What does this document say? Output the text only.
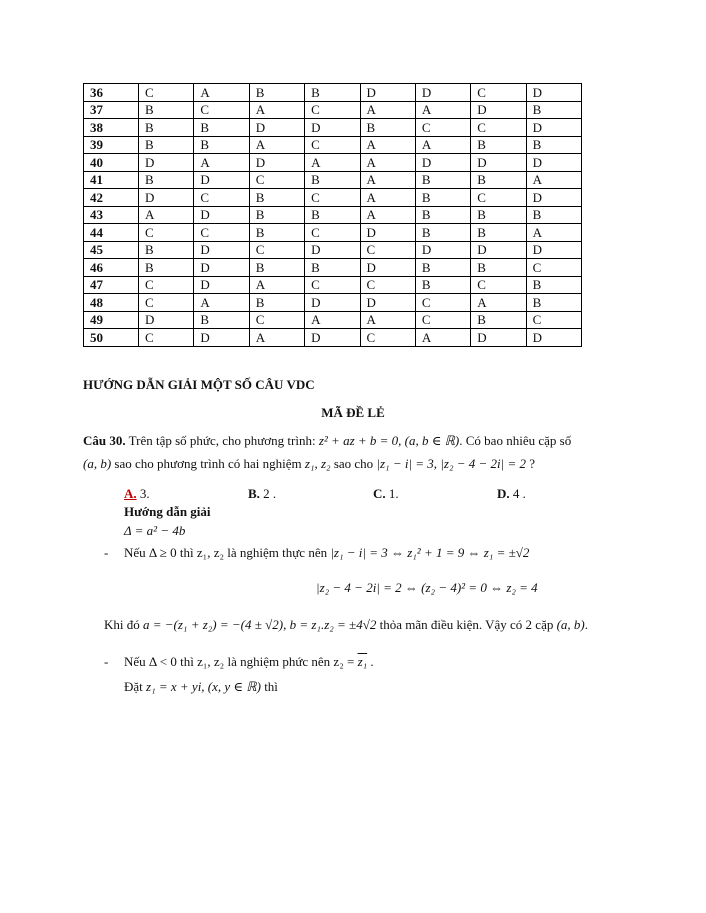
36	C	A	B	B	D	D	C	D
37	B	C	A	C	A	A	D	B
38	B	B	D	D	B	C	C	D
39	B	B	A	C	A	A	B	B
40	D	A	D	A	A	D	D	D
41	B	D	C	B	A	B	B	A
42	D	C	B	C	A	B	C	D
43	A	D	B	B	A	B	B	B
44	C	C	B	C	D	B	B	A
45	B	D	C	D	C	D	D	D
46	B	D	B	B	D	B	B	C
47	C	D	A	C	C	B	C	B
48	C	A	B	D	D	C	A	B
49	D	B	C	A	A	C	B	C
50	C	D	A	D	C	A	D	D
HƯỚNG DẪN GIẢI MỘT SỐ CÂU VDC
MÃ ĐỀ LẺ
Câu 30. Trên tập số phức, cho phương trình: z² + az + b = 0, (a, b ∈ ℝ). Có bao nhiêu cặp số
(a, b) sao cho phương trình có hai nghiệm z₁, z₂ sao cho |z₁ − i| = 3, |z₂ − 4 − 2i| = 2 ?
A. 3.	B. 2 .	C. 1.	D. 4 .
Hướng dẫn giải
Δ = a² − 4b
- Nếu Δ ≥ 0 thì z₁, z₂ là nghiệm thực nên |z₁ − i| = 3 ⇔ z₁² + 1 = 9 ⇔ z₁ = ±√2
|z₂ − 4 − 2i| = 2 ⇔ (z₂ − 4)² = 0 ⇔ z₂ = 4
Khi đó a = −(z₁ + z₂) = −(4 ± √2), b = z₁.z₂ = ±4√2 thỏa mãn điều kiện. Vậy có 2 cặp (a, b).
- Nếu Δ < 0 thì z₁, z₂ là nghiệm phức nên z₂ = z₁ .
Đặt z₁ = x + yi, (x, y ∈ ℝ) thì
